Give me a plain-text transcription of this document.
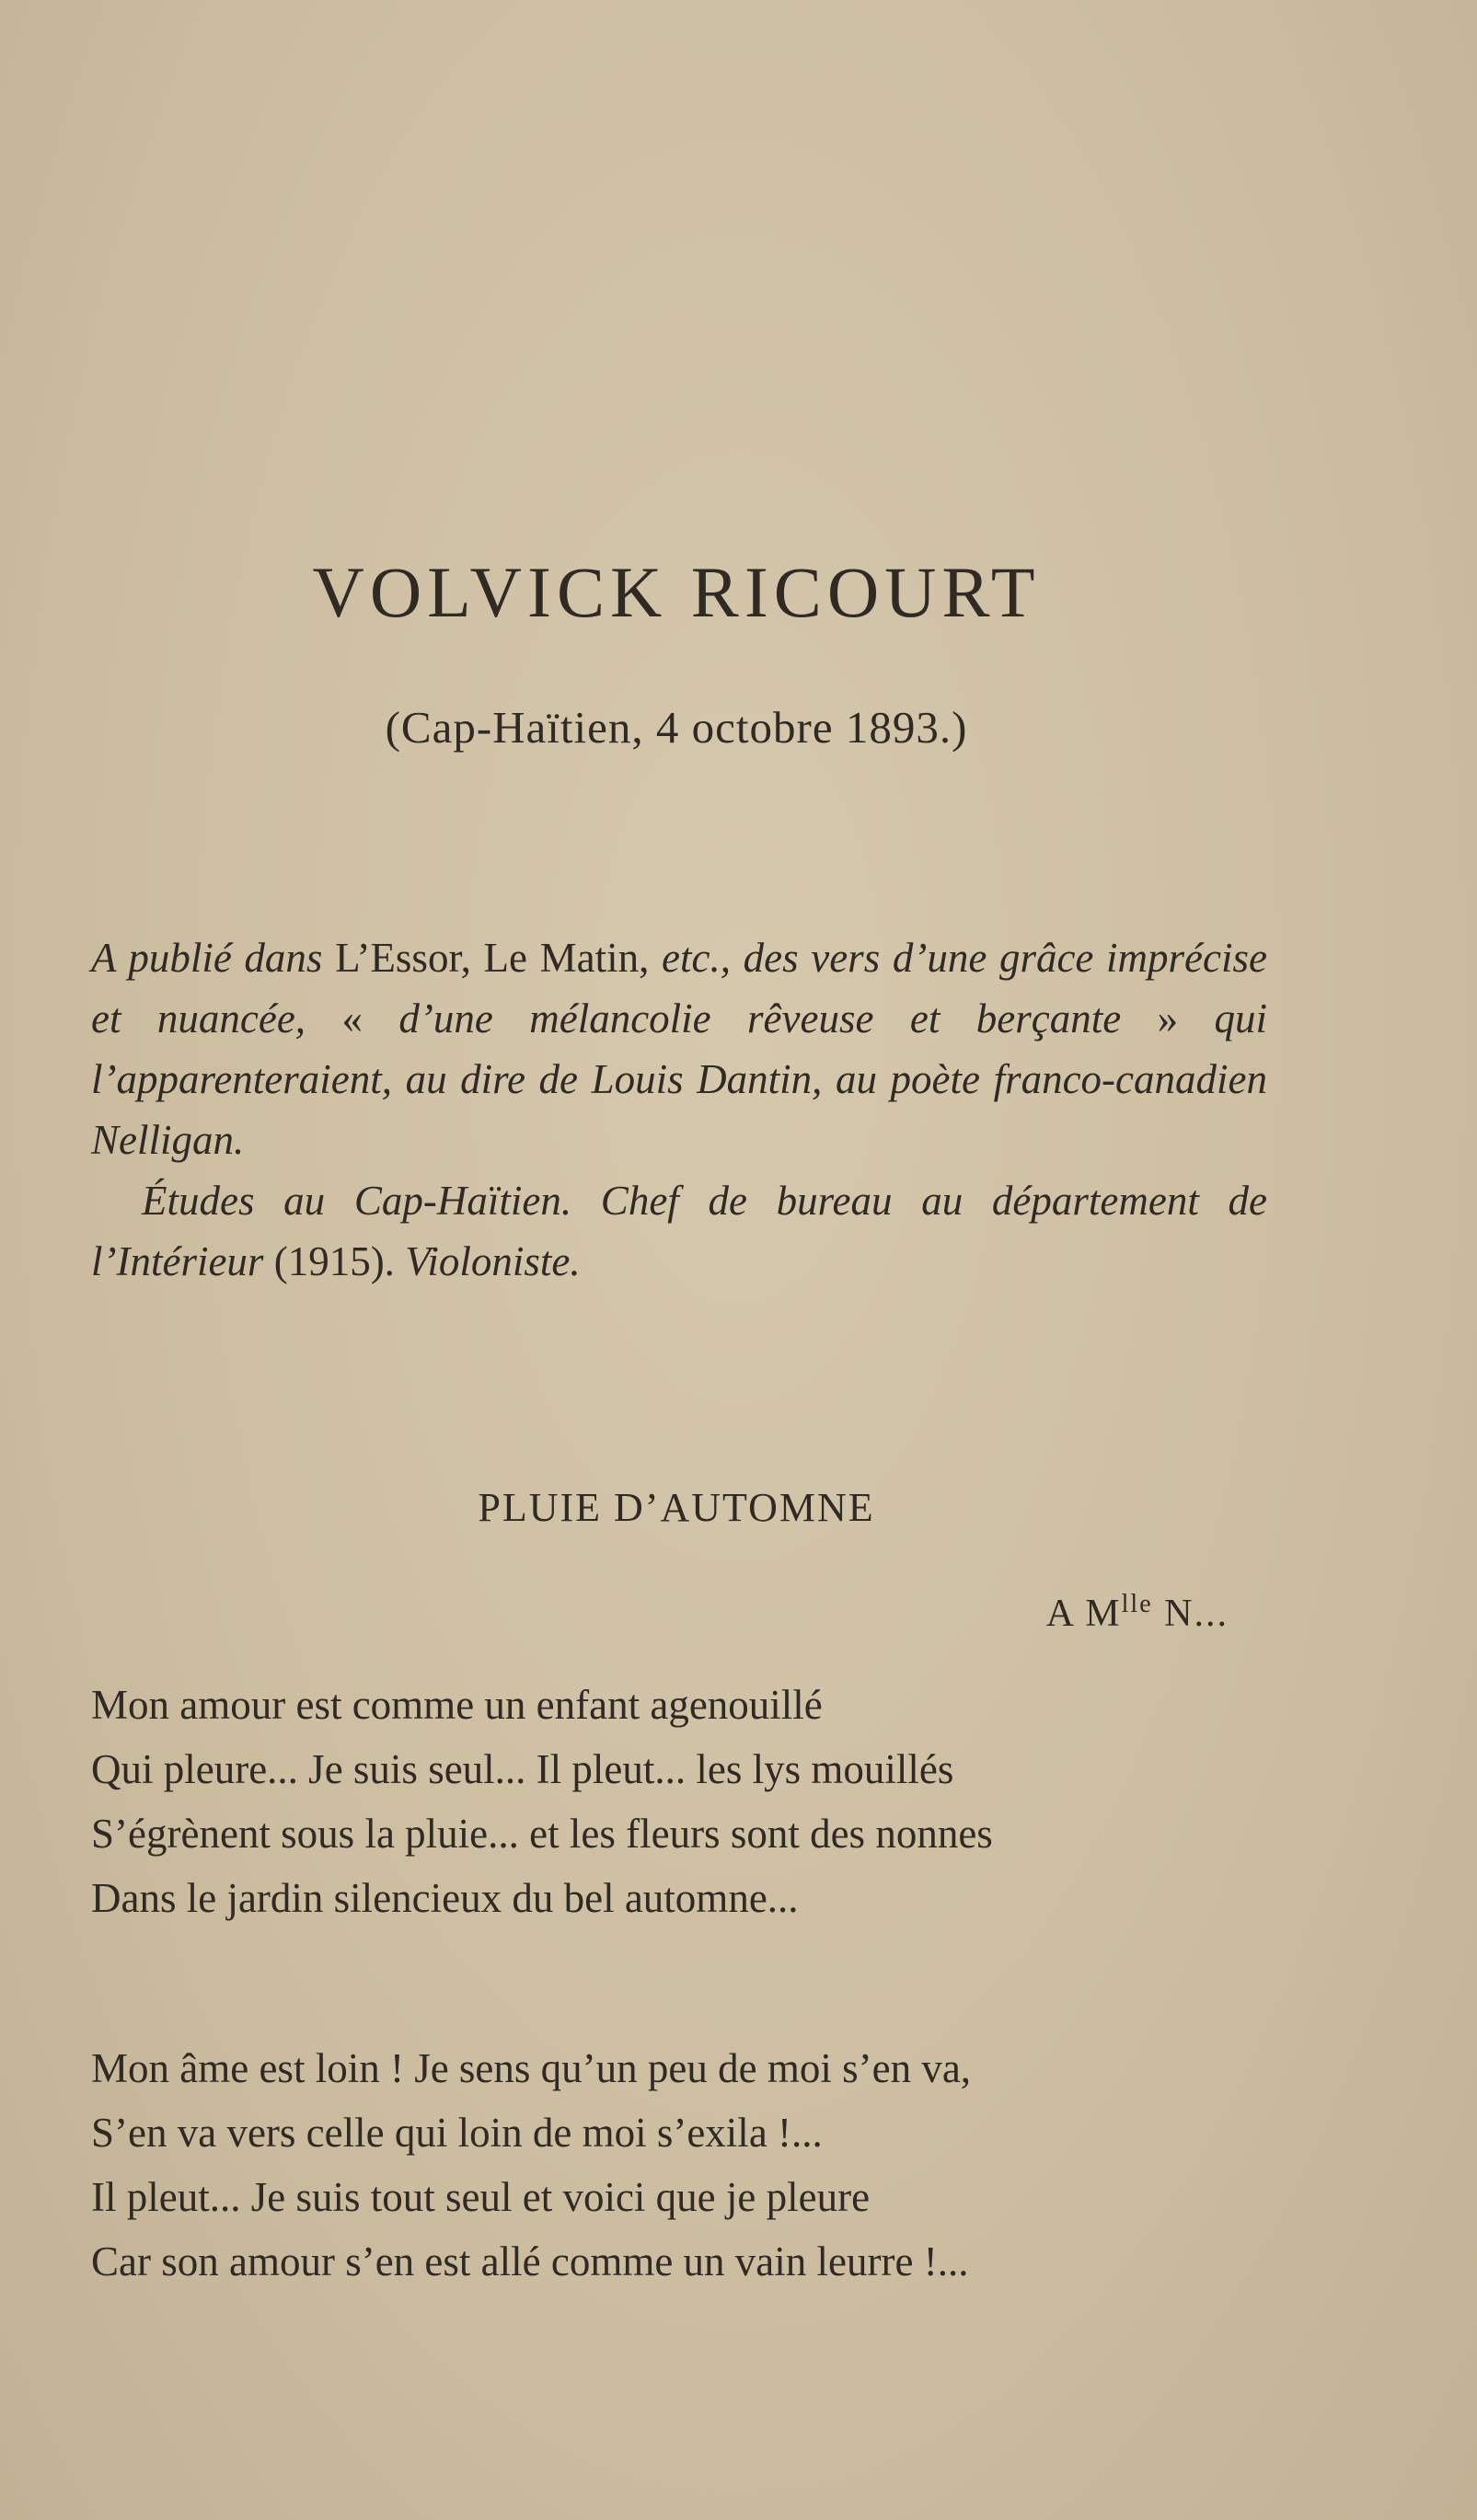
VOLVICK RICOURT
(Cap-Haïtien, 4 octobre 1893.)

A publié dans L’Essor, Le Matin, etc., des vers d’une grâce imprécise et nuancée, « d’une mélancolie rêveuse et berçante » qui l’apparenteraient, au dire de Louis Dantin, au poète franco-canadien Nelligan.

Études au Cap-Haïtien. Chef de bureau au département de l’Intérieur (1915). Violoniste.

PLUIE D’AUTOMNE
A $M^{lle}$ N...
Mon amour est comme un enfant agenouillé
Qui pleure... Je suis seul... Il pleut... les lys mouillés
S’égrènent sous la pluie... et les fleurs sont des nonnes
Dans le jardin silencieux du bel automne...
Mon âme est loin ! Je sens qu’un peu de moi s’en va,
S’en va vers celle qui loin de moi s’exila !...
Il pleut... Je suis tout seul et voici que je pleure
Car son amour s’en est allé comme un vain leurre !...
